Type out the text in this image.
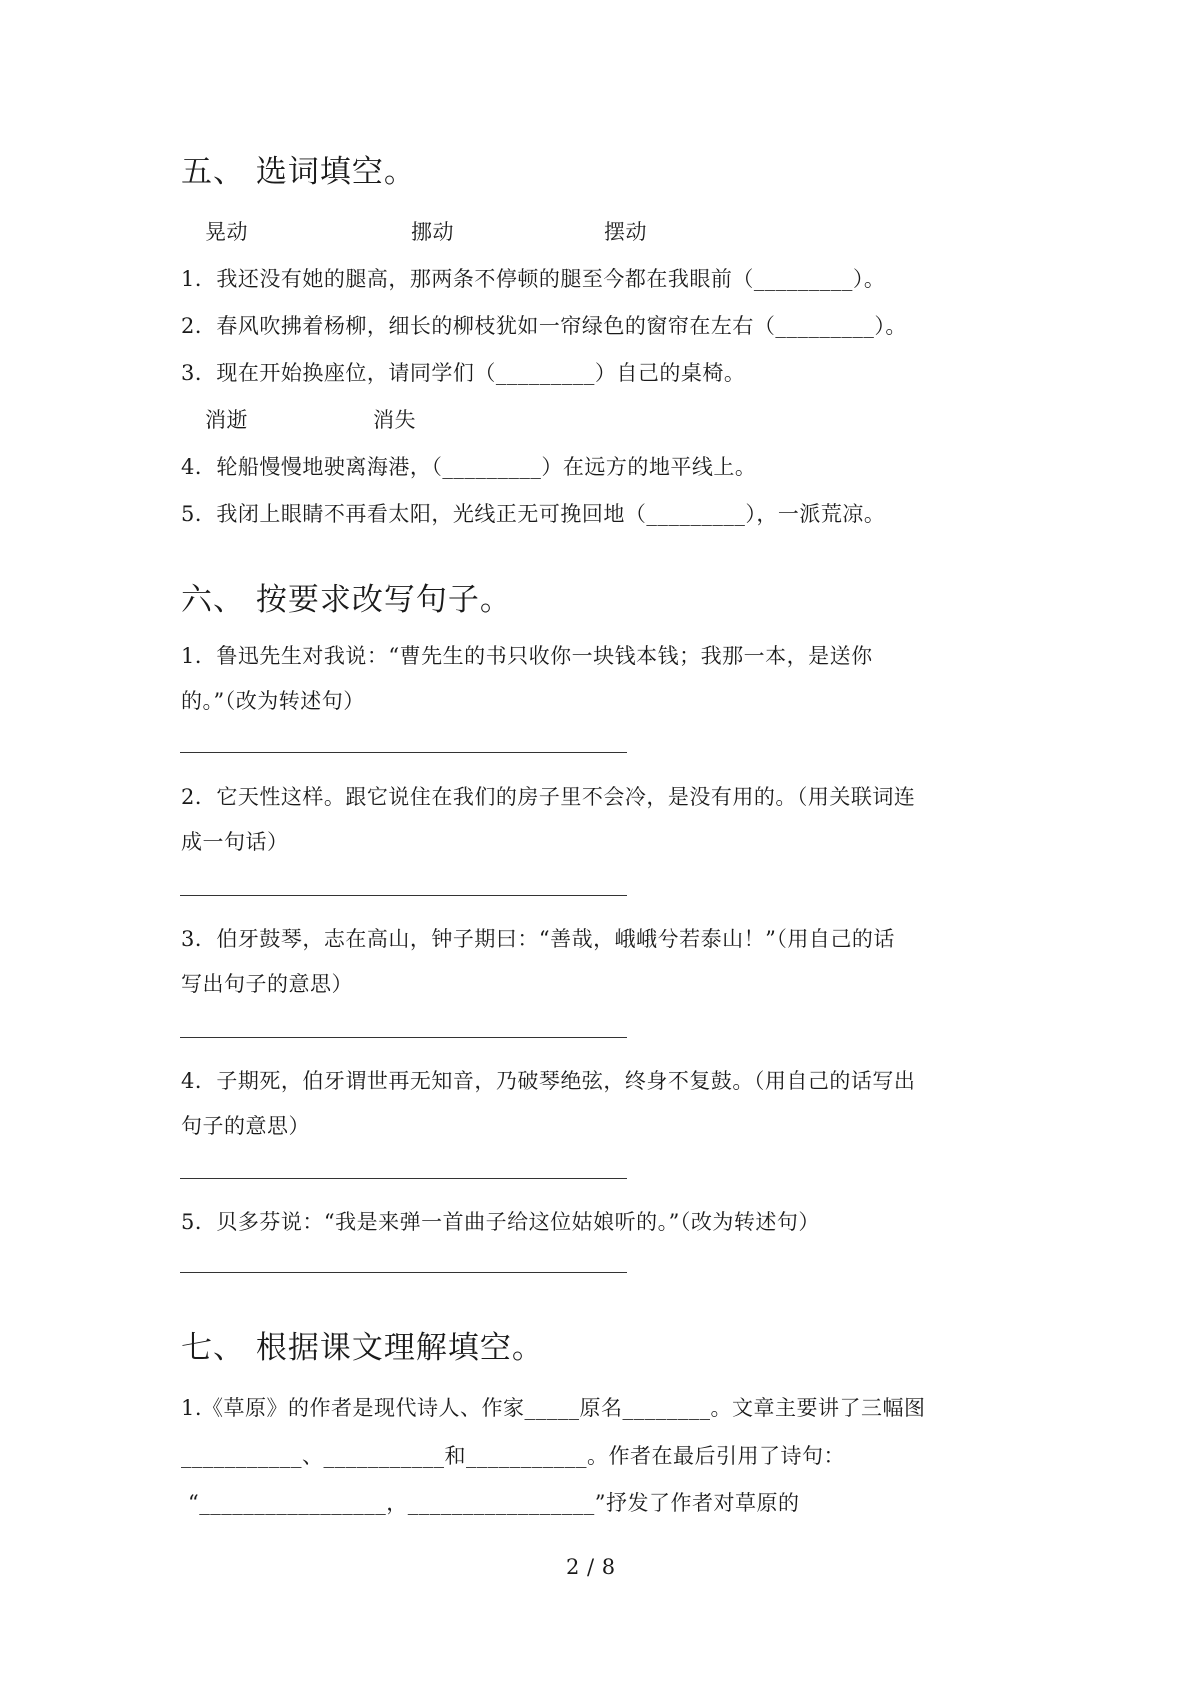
五、 选词填空。
晃动	挪动	摆动
1．我还没有她的腿高，那两条不停顿的腿至今都在我眼前（_________）。
2．春风吹拂着杨柳，细长的柳枝犹如一帘绿色的窗帘在左右（_________）。
3．现在开始换座位，请同学们（_________）自己的桌椅。
消逝	消失
4．轮船慢慢地驶离海港，（_________）在远方的地平线上。
5．我闭上眼睛不再看太阳，光线正无可挽回地（_________），一派荒凉。
六、 按要求改写句子。
1．鲁迅先生对我说：“曹先生的书只收你一块钱本钱；我那一本，是送你
的。”（改为转述句）
2．它天性这样。跟它说住在我们的房子里不会冷，是没有用的。（用关联词连
成一句话）
3．伯牙鼓琴，志在高山，钟子期曰：“善哉，峨峨兮若泰山！”（用自己的话
写出句子的意思）
4．子期死，伯牙谓世再无知音，乃破琴绝弦，终身不复鼓。（用自己的话写出
句子的意思）
5．贝多芬说：“我是来弹一首曲子给这位姑娘听的。”（改为转述句）
七、 根据课文理解填空。
1.《草原》的作者是现代诗人、作家_____原名________。文章主要讲了三幅图
___________、___________和___________。作者在最后引用了诗句：
“_________________，_________________”抒发了作者对草原的
2 / 8
